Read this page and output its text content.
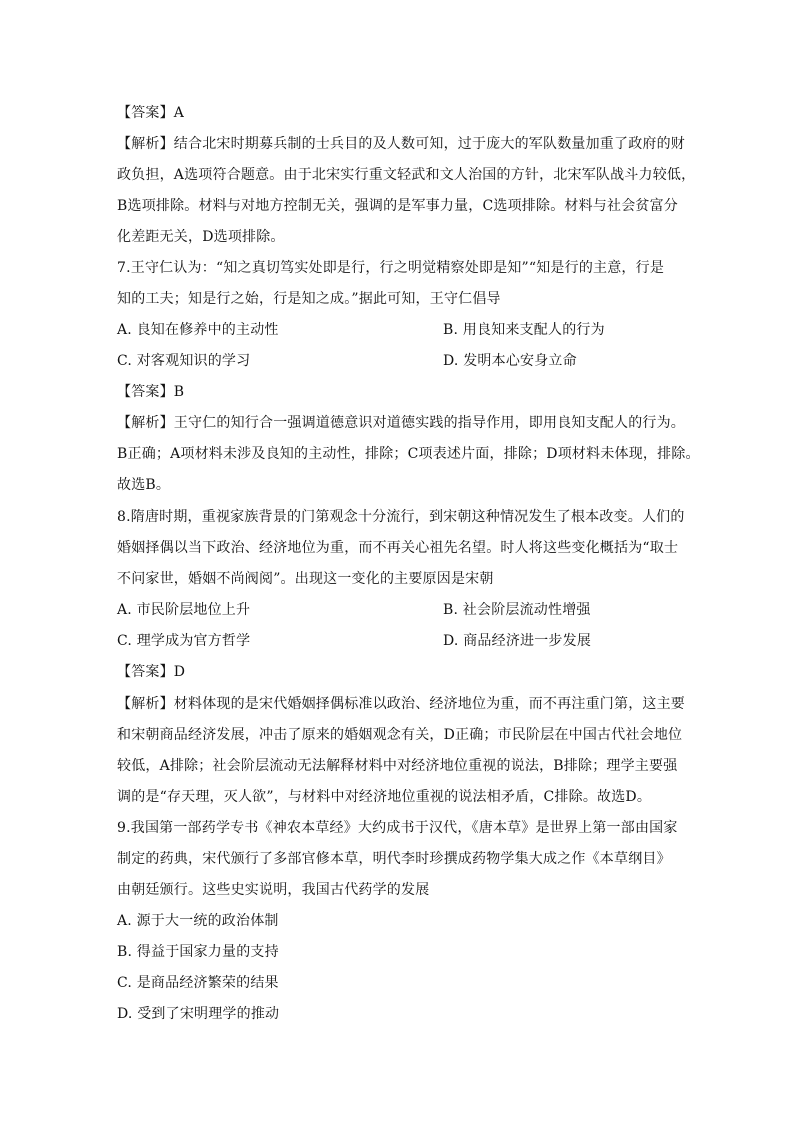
【答案】A
【解析】结合北宋时期募兵制的士兵目的及人数可知，过于庞大的军队数量加重了政府的财
政负担，A选项符合题意。由于北宋实行重文轻武和文人治国的方针，北宋军队战斗力较低，
B选项排除。材料与对地方控制无关，强调的是军事力量，C选项排除。材料与社会贫富分
化差距无关，D选项排除。
7.王守仁认为：“知之真切笃实处即是行，行之明觉精察处即是知”“知是行的主意，行是
知的工夫；知是行之始，行是知之成。”据此可知，王守仁倡导
A. 良知在修养中的主动性	B. 用良知来支配人的行为
C. 对客观知识的学习	D. 发明本心安身立命
【答案】B
【解析】王守仁的知行合一强调道德意识对道德实践的指导作用，即用良知支配人的行为。
B正确；A项材料未涉及良知的主动性，排除；C项表述片面，排除；D项材料未体现，排除。
故选B。
8.隋唐时期，重视家族背景的门第观念十分流行，到宋朝这种情况发生了根本改变。人们的
婚姻择偶以当下政治、经济地位为重，而不再关心祖先名望。时人将这些变化概括为“取士
不问家世，婚姻不尚阀阅”。出现这一变化的主要原因是宋朝
A. 市民阶层地位上升	B. 社会阶层流动性增强
C. 理学成为官方哲学	D. 商品经济进一步发展
【答案】D
【解析】材料体现的是宋代婚姻择偶标准以政治、经济地位为重，而不再注重门第，这主要
和宋朝商品经济发展，冲击了原来的婚姻观念有关，D正确；市民阶层在中国古代社会地位
较低，A排除；社会阶层流动无法解释材料中对经济地位重视的说法，B排除；理学主要强
调的是“存天理，灭人欲”，与材料中对经济地位重视的说法相矛盾，C排除。故选D。
9.我国第一部药学专书《神农本草经》大约成书于汉代，《唐本草》是世界上第一部由国家
制定的药典，宋代颁行了多部官修本草，明代李时珍撰成药物学集大成之作《本草纲目》
由朝廷颁行。这些史实说明，我国古代药学的发展
A. 源于大一统的政治体制
B. 得益于国家力量的支持
C. 是商品经济繁荣的结果
D. 受到了宋明理学的推动
